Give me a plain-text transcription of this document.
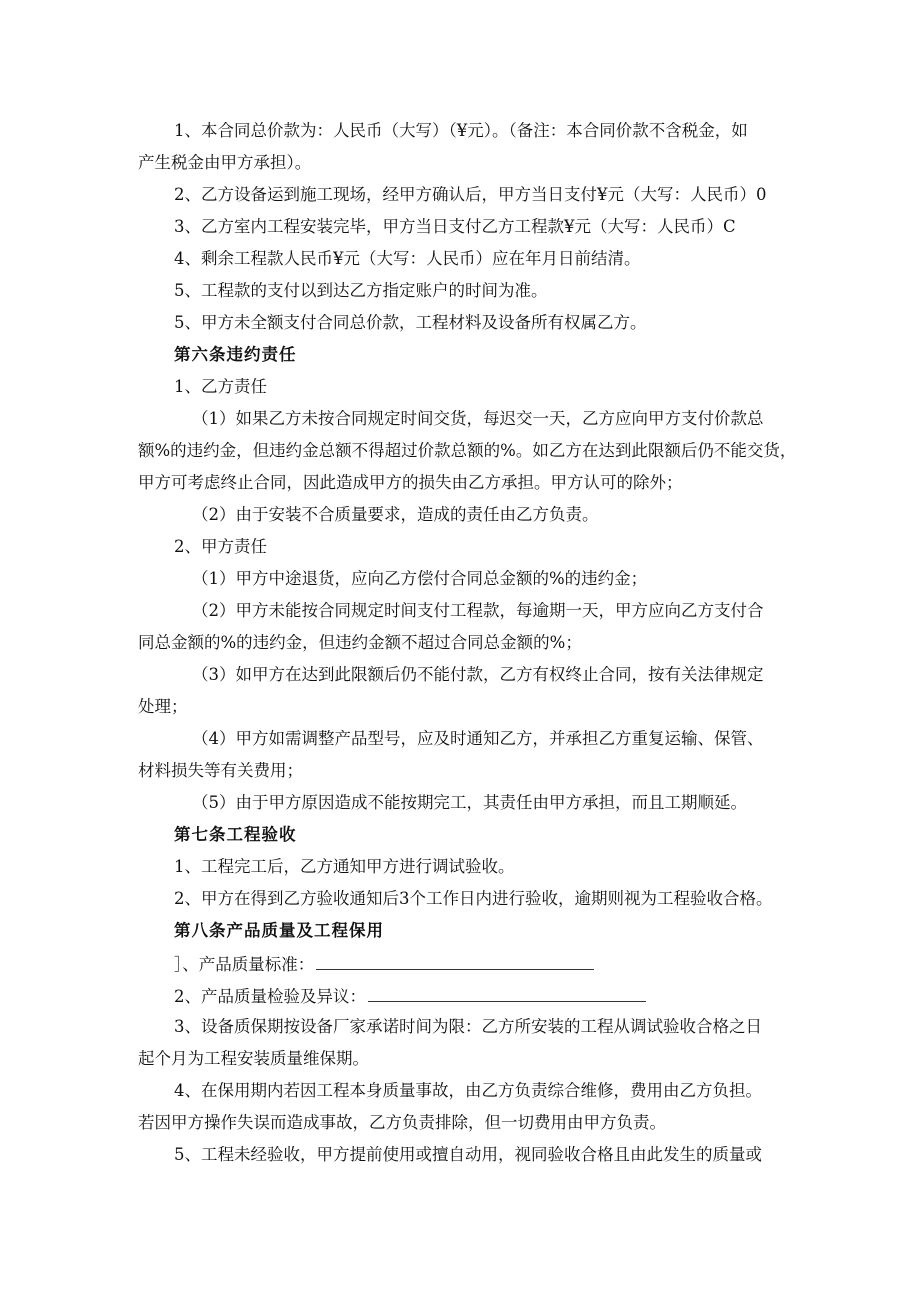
1、本合同总价款为：人民币（大写）（¥元）。（备注：本合同价款不含税金，如
产生税金由甲方承担）。
2、乙方设备运到施工现场，经甲方确认后，甲方当日支付¥元（大写：人民币）0
3、乙方室内工程安装完毕，甲方当日支付乙方工程款¥元（大写：人民币）C
4、剩余工程款人民币¥元（大写：人民币）应在年月日前结清。
5、工程款的支付以到达乙方指定账户的时间为准。
5、甲方未全额支付合同总价款，工程材料及设备所有权属乙方。
第六条违约责任
1、乙方责任
（1）如果乙方未按合同规定时间交货，每迟交一天，乙方应向甲方支付价款总
额%的违约金，但违约金总额不得超过价款总额的%。如乙方在达到此限额后仍不能交货，
甲方可考虑终止合同，因此造成甲方的损失由乙方承担。甲方认可的除外；
（2）由于安装不合质量要求，造成的责任由乙方负责。
2、甲方责任
（1）甲方中途退货，应向乙方偿付合同总金额的%的违约金；
（2）甲方未能按合同规定时间支付工程款，每逾期一天，甲方应向乙方支付合
同总金额的%的违约金，但违约金额不超过合同总金额的%；
（3）如甲方在达到此限额后仍不能付款，乙方有权终止合同，按有关法律规定
处理；
（4）甲方如需调整产品型号，应及时通知乙方，并承担乙方重复运输、保管、
材料损失等有关费用；
（5）由于甲方原因造成不能按期完工，其责任由甲方承担，而且工期顺延。
第七条工程验收
1、工程完工后，乙方通知甲方进行调试验收。
2、甲方在得到乙方验收通知后3个工作日内进行验收，逾期则视为工程验收合格。
第八条产品质量及工程保用
］、产品质量标准：
2、产品质量检验及异议：
3、设备质保期按设备厂家承诺时间为限：乙方所安装的工程从调试验收合格之日
起个月为工程安装质量维保期。
4、在保用期内若因工程本身质量事故，由乙方负责综合维修，费用由乙方负担。
若因甲方操作失误而造成事故，乙方负责排除，但一切费用由甲方负责。
5、工程未经验收，甲方提前使用或擅自动用，视同验收合格且由此发生的质量或
